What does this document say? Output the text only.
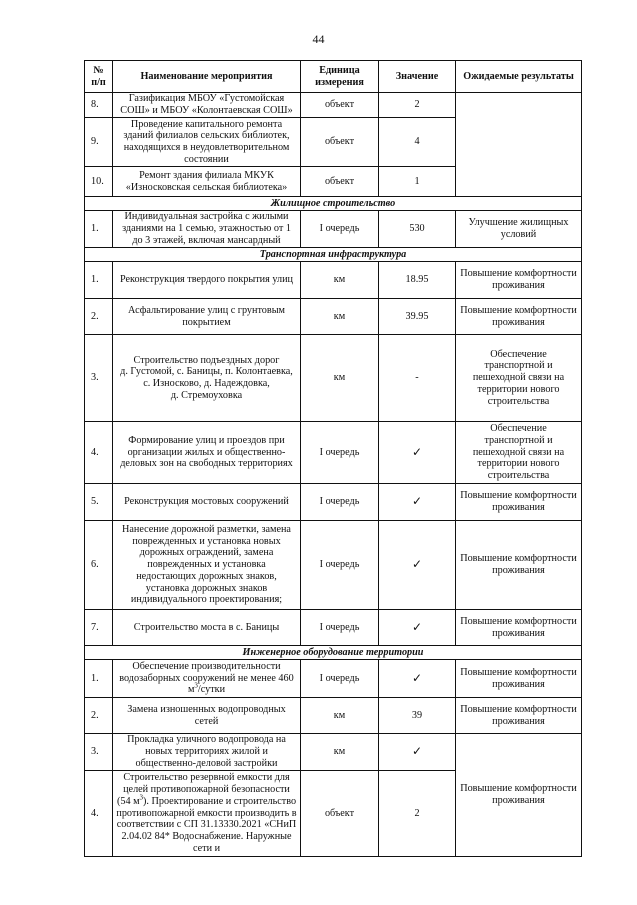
44
№ п/п	Наименование мероприятия	Единица измерения	Значение	Ожидаемые результаты
8.	Газификация МБОУ «Густомойская СОШ» и МБОУ «Колонтаевская СОШ»	объект	2	
9.	Проведение капитального ремонта зданий филиалов сельских библиотек, находящихся в неудовлетворительном состоянии	объект	4	
10.	Ремонт здания филиала МКУК «Износковская сельская библиотека»	объект	1	
Жилищное строительство				
1.	Индивидуальная застройка с жилыми зданиями на 1 семью, этажностью от 1 до 3 этажей, включая мансардный	I очередь	530	Улучшение жилищных условий
Транспортная инфраструктура				
1.	Реконструкция твердого покрытия улиц	км	18.95	Повышение комфортности проживания
2.	Асфальтирование улиц с грунтовым покрытием	км	39.95	Повышение комфортности проживания
3.	Строительство подъездных дорог
д. Густомой, с. Баницы, п. Колонтаевка, с. Износково, д. Надеждовка,
д. Стремоуховка	км	-	Обеспечение транспортной и пешеходной связи на территории нового строительства
4.	Формирование улиц и проездов при организации жилых и общественно-деловых зон на свободных территориях	I очередь	✓	Обеспечение транспортной и пешеходной связи на территории нового строительства
5.	Реконструкция мостовых сооружений	I очередь	✓	Повышение комфортности проживания
6.	Нанесение дорожной разметки, замена поврежденных и установка новых дорожных ограждений, замена поврежденных и установка недостающих дорожных знаков, установка дорожных знаков индивидуального проектирования;	I очередь	✓	Повышение комфортности проживания
7.	Строительство моста в с. Баницы	I очередь	✓	Повышение комфортности проживания
Инженерное оборудование территории				
1.	Обеспечение производительности водозаборных сооружений не менее 460 $м^3$/сутки	I очередь	✓	Повышение комфортности проживания
2.	Замена изношенных водопроводных сетей	км	39	Повышение комфортности проживания
3.	Прокладка уличного водопровода на новых территориях жилой и общественно-деловой застройки	км	✓	Повышение комфортности проживания
4.	Строительство резервной емкости для целей противопожарной безопасности (54 $м^3$). Проектирование и строительство противопожарной емкости производить в соответствии с СП 31.13330.2021 «СНиП 2.04.02 84* Водоснабжение. Наружные сети и	объект	2	
